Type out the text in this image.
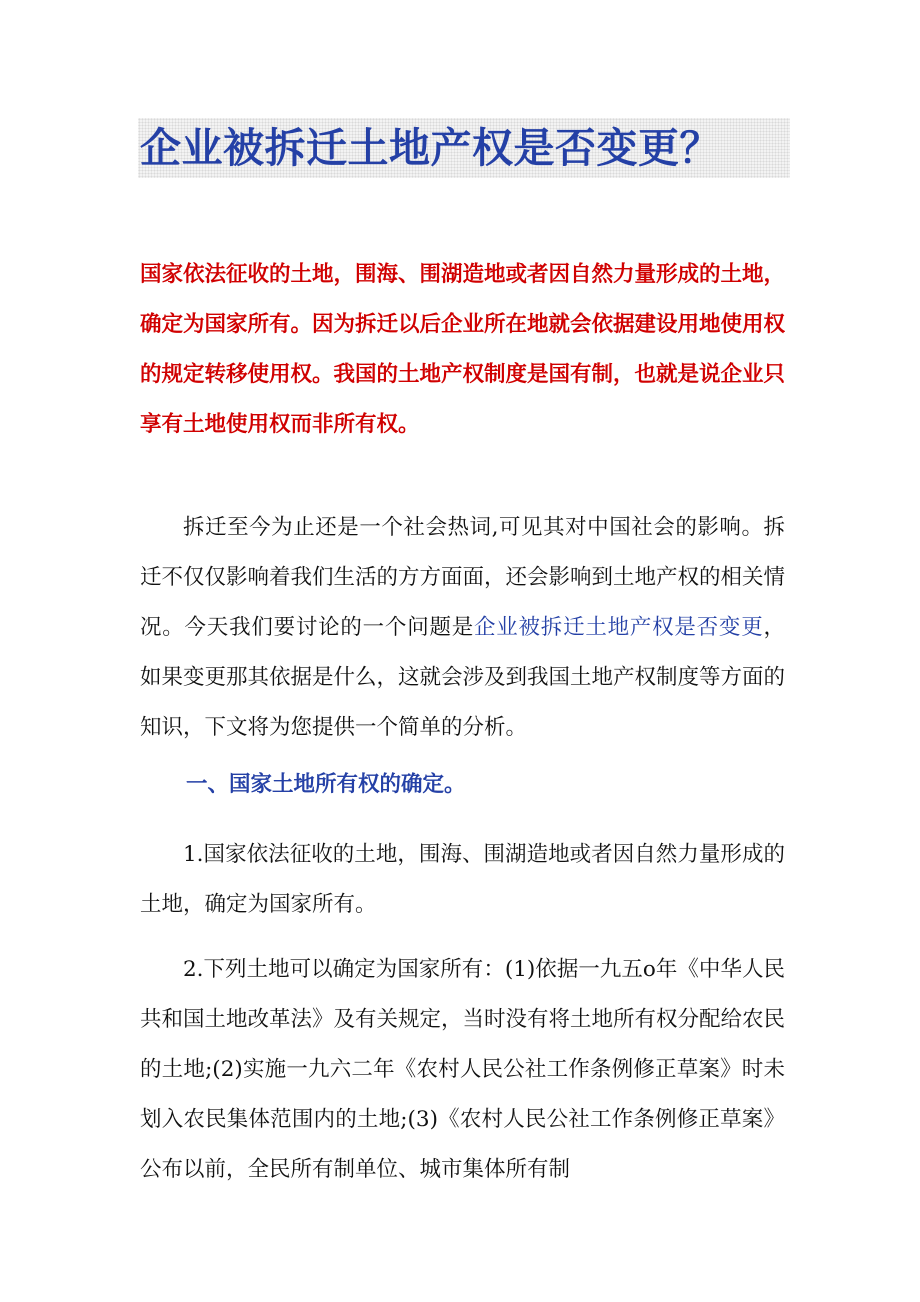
企业被拆迁土地产权是否变更？

国家依法征收的土地，围海、围湖造地或者因自然力量形成的土地，确定为国家所有。因为拆迁以后企业所在地就会依据建设用地使用权的规定转移使用权。我国的土地产权制度是国有制，也就是说企业只享有土地使用权而非所有权。

拆迁至今为止还是一个社会热词,可见其对中国社会的影响。拆迁不仅仅影响着我们生活的方方面面，还会影响到土地产权的相关情况。今天我们要讨论的一个问题是企业被拆迁土地产权是否变更，如果变更那其依据是什么，这就会涉及到我国土地产权制度等方面的知识，下文将为您提供一个简单的分析。

一、国家土地所有权的确定。

1.国家依法征收的土地，围海、围湖造地或者因自然力量形成的土地，确定为国家所有。

2.下列土地可以确定为国家所有：(1)依据一九五o年《中华人民共和国土地改革法》及有关规定，当时没有将土地所有权分配给农民的土地;(2)实施一九六二年《农村人民公社工作条例修正草案》时未划入农民集体范围内的土地;(3)《农村人民公社工作条例修正草案》公布以前，全民所有制单位、城市集体所有制
